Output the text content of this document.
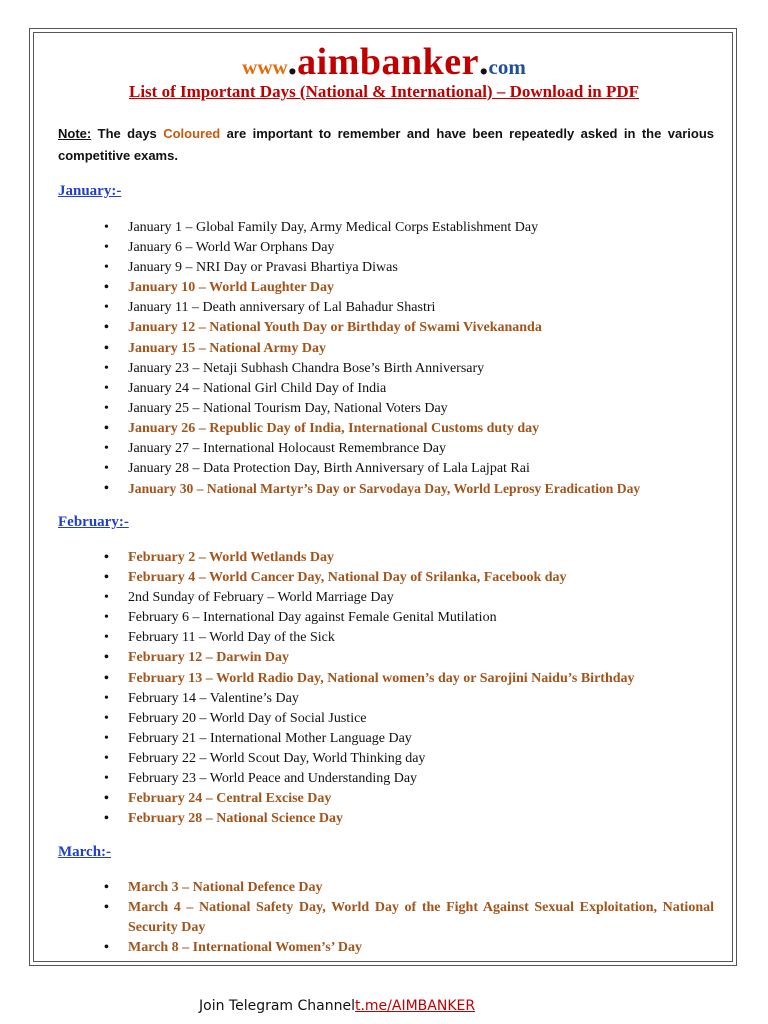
www.aimbanker.com
List of Important Days (National & International) – Download in PDF
Note: The days Coloured are important to remember and have been repeatedly asked in the various competitive exams.
January:-
• January 1 – Global Family Day, Army Medical Corps Establishment Day
• January 6 – World War Orphans Day
• January 9 – NRI Day or Pravasi Bhartiya Diwas
• January 10 – World Laughter Day
• January 11 – Death anniversary of Lal Bahadur Shastri
• January 12 – National Youth Day or Birthday of Swami Vivekananda
• January 15 – National Army Day
• January 23 – Netaji Subhash Chandra Bose’s Birth Anniversary
• January 24 – National Girl Child Day of India
• January 25 – National Tourism Day, National Voters Day
• January 26 – Republic Day of India, International Customs duty day
• January 27 – International Holocaust Remembrance Day
• January 28 – Data Protection Day, Birth Anniversary of Lala Lajpat Rai
• January 30 – National Martyr’s Day or Sarvodaya Day, World Leprosy Eradication Day
February:-
• February 2 – World Wetlands Day
• February 4 – World Cancer Day, National Day of Srilanka, Facebook day
• 2nd Sunday of February – World Marriage Day
• February 6 – International Day against Female Genital Mutilation
• February 11 – World Day of the Sick
• February 12 – Darwin Day
• February 13 – World Radio Day, National women’s day or Sarojini Naidu’s Birthday
• February 14 – Valentine’s Day
• February 20 – World Day of Social Justice
• February 21 – International Mother Language Day
• February 22 – World Scout Day, World Thinking day
• February 23 – World Peace and Understanding Day
• February 24 – Central Excise Day
• February 28 – National Science Day
March:-
• March 3 – National Defence Day
• March 4 – National Safety Day, World Day of the Fight Against Sexual Exploitation, National Security Day
• March 8 – International Women’s’ Day
Join Telegram Channelt.me/AIMBANKER
